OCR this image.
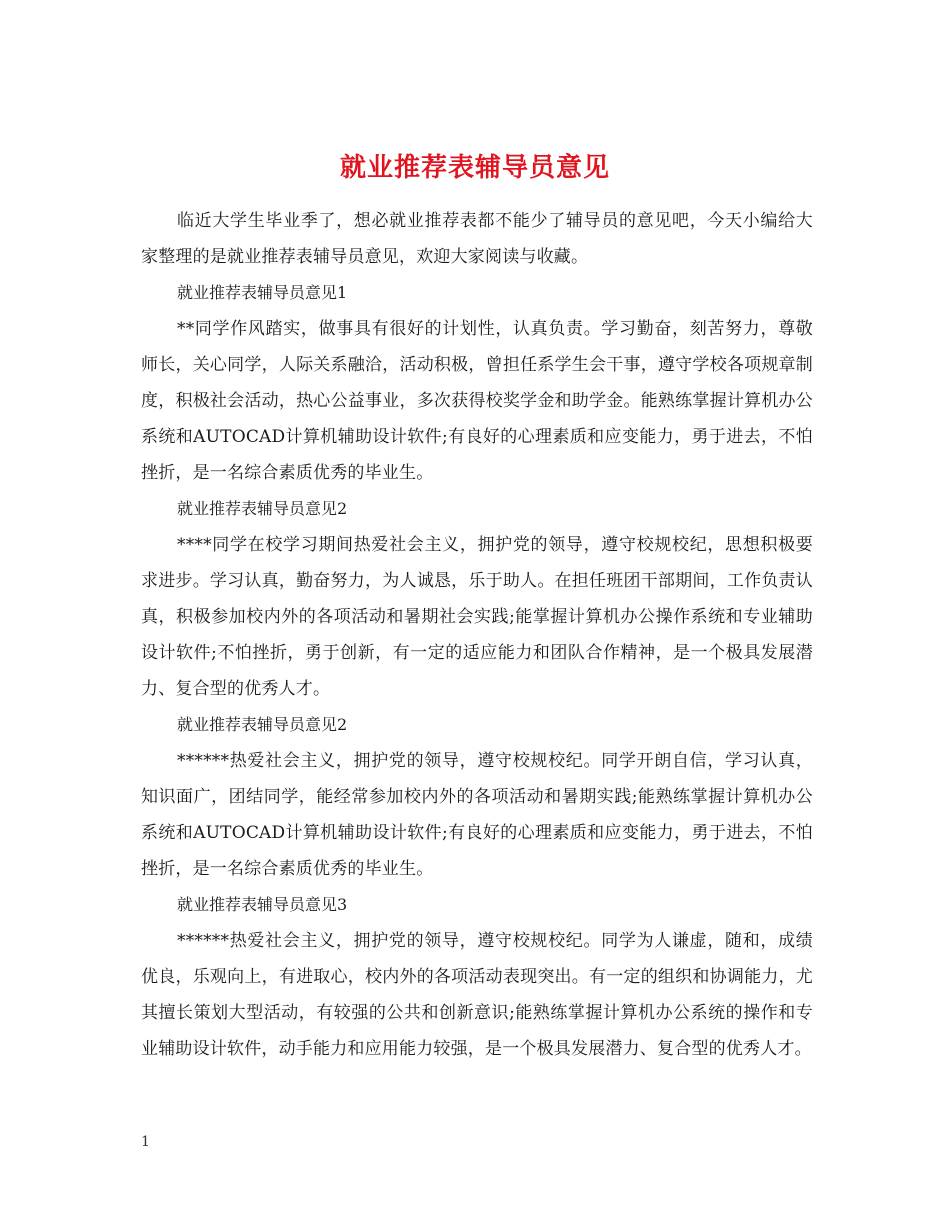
就业推荐表辅导员意见

临近大学生毕业季了，想必就业推荐表都不能少了辅导员的意见吧，今天小编给大家整理的是就业推荐表辅导员意见，欢迎大家阅读与收藏。

就业推荐表辅导员意见1

**同学作风踏实，做事具有很好的计划性，认真负责。学习勤奋，刻苦努力，尊敬师长，关心同学，人际关系融洽，活动积极，曾担任系学生会干事，遵守学校各项规章制度，积极社会活动，热心公益事业，多次获得校奖学金和助学金。能熟练掌握计算机办公系统和AUTOCAD计算机辅助设计软件;有良好的心理素质和应变能力，勇于进去，不怕挫折，是一名综合素质优秀的毕业生。

就业推荐表辅导员意见2

****同学在校学习期间热爱社会主义，拥护党的领导，遵守校规校纪，思想积极要求进步。学习认真，勤奋努力，为人诚恳，乐于助人。在担任班团干部期间，工作负责认真，积极参加校内外的各项活动和暑期社会实践;能掌握计算机办公操作系统和专业辅助设计软件;不怕挫折，勇于创新，有一定的适应能力和团队合作精神，是一个极具发展潜力、复合型的优秀人才。

就业推荐表辅导员意见2

******热爱社会主义，拥护党的领导，遵守校规校纪。同学开朗自信，学习认真，知识面广，团结同学，能经常参加校内外的各项活动和暑期实践;能熟练掌握计算机办公系统和AUTOCAD计算机辅助设计软件;有良好的心理素质和应变能力，勇于进去，不怕挫折，是一名综合素质优秀的毕业生。

就业推荐表辅导员意见3

******热爱社会主义，拥护党的领导，遵守校规校纪。同学为人谦虚，随和，成绩优良，乐观向上，有进取心，校内外的各项活动表现突出。有一定的组织和协调能力，尤其擅长策划大型活动，有较强的公共和创新意识;能熟练掌握计算机办公系统的操作和专业辅助设计软件，动手能力和应用能力较强，是一个极具发展潜力、复合型的优秀人才。

1
